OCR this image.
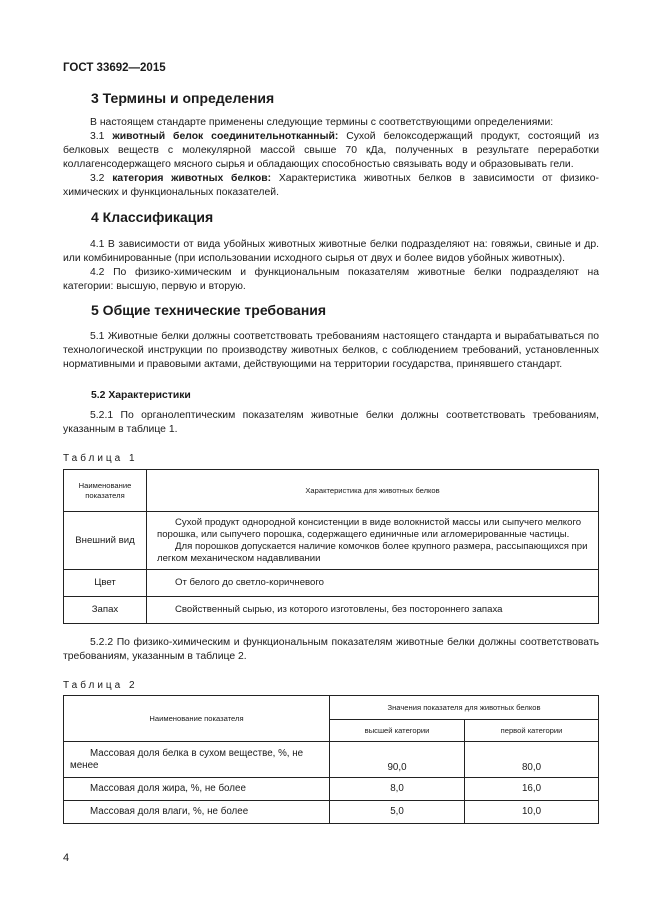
ГОСТ 33692—2015
3 Термины и определения

В настоящем стандарте применены следующие термины с соответствующими определениями:

3.1 животный белок соединительнотканный: Сухой белоксодержащий продукт, состоящий из белковых веществ с молекулярной массой свыше 70 кДа, полученных в результате переработки коллагенсодержащего мясного сырья и обладающих способностью связывать воду и образовывать гели.

3.2 категория животных белков: Характеристика животных белков в зависимости от физико-химических и функциональных показателей.

4 Классификация

4.1 В зависимости от вида убойных животных животные белки подразделяют на: говяжьи, свиные и др. или комбинированные (при использовании исходного сырья от двух и более видов убойных животных).

4.2 По физико-химическим и функциональным показателям животные белки подразделяют на категории: высшую, первую и вторую.

5 Общие технические требования

5.1 Животные белки должны соответствовать требованиям настоящего стандарта и вырабатываться по технологической инструкции по производству животных белков, с соблюдением требований, установленных нормативными и правовыми актами, действующими на территории государства, принявшего стандарт.

5.2 Характеристики

5.2.1 По органолептическим показателям животные белки должны соответствовать требованиям, указанным в таблице 1.

Таблица 1
Наименование показателя	Характеристика для животных белков
Внешний вид	Сухой продукт однородной консистенции в виде волокнистой массы или сыпучего мелкого порошка, или сыпучего порошка, содержащего единичные или агломерированные частицы.
Для порошков допускается наличие комочков более крупного размера, рассыпающихся при легком механическом надавливании

Цвет	От белого до светло-коричневого
Запах	Свойственный сырью, из которого изготовлены, без постороннего запаха

5.2.2 По физико-химическим и функциональным показателям животные белки должны соответствовать требованиям, указанным в таблице 2.

Таблица 2
Наименование показателя	Значения показателя для животных белков	
	высшей категории	первой категории
Массовая доля белка в сухом веществе, %, не менее	90,0	80,0
Массовая доля жира, %, не более	8,0	16,0
Массовая доля влаги, %, не более	5,0	10,0
4
